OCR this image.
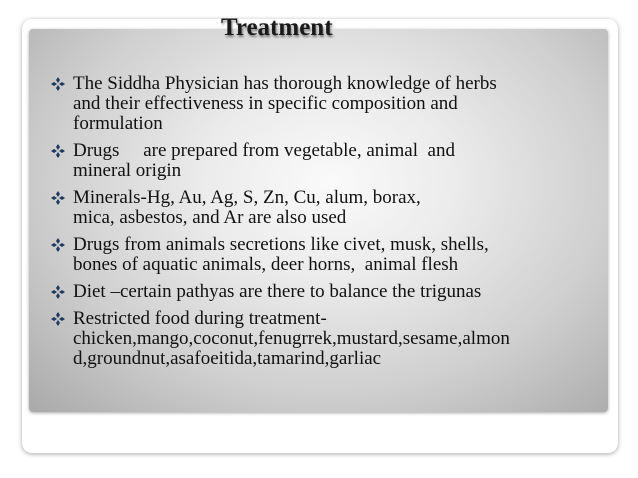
Treatment
The Siddha Physician has thorough knowledge of herbs
and their effectiveness in specific composition and
formulation
Drugs     are prepared from vegetable, animal  and
mineral origin
Minerals-Hg, Au, Ag, S, Zn, Cu, alum, borax,
mica, asbestos, and Ar are also used
Drugs from animals secretions like civet, musk, shells,
bones of aquatic animals, deer horns,  animal flesh
Diet –certain pathyas are there to balance the trigunas
Restricted food during treatment-
chicken,mango,coconut,fenugrrek,mustard,sesame,almon
d,groundnut,asafoeitida,tamarind,garliac
